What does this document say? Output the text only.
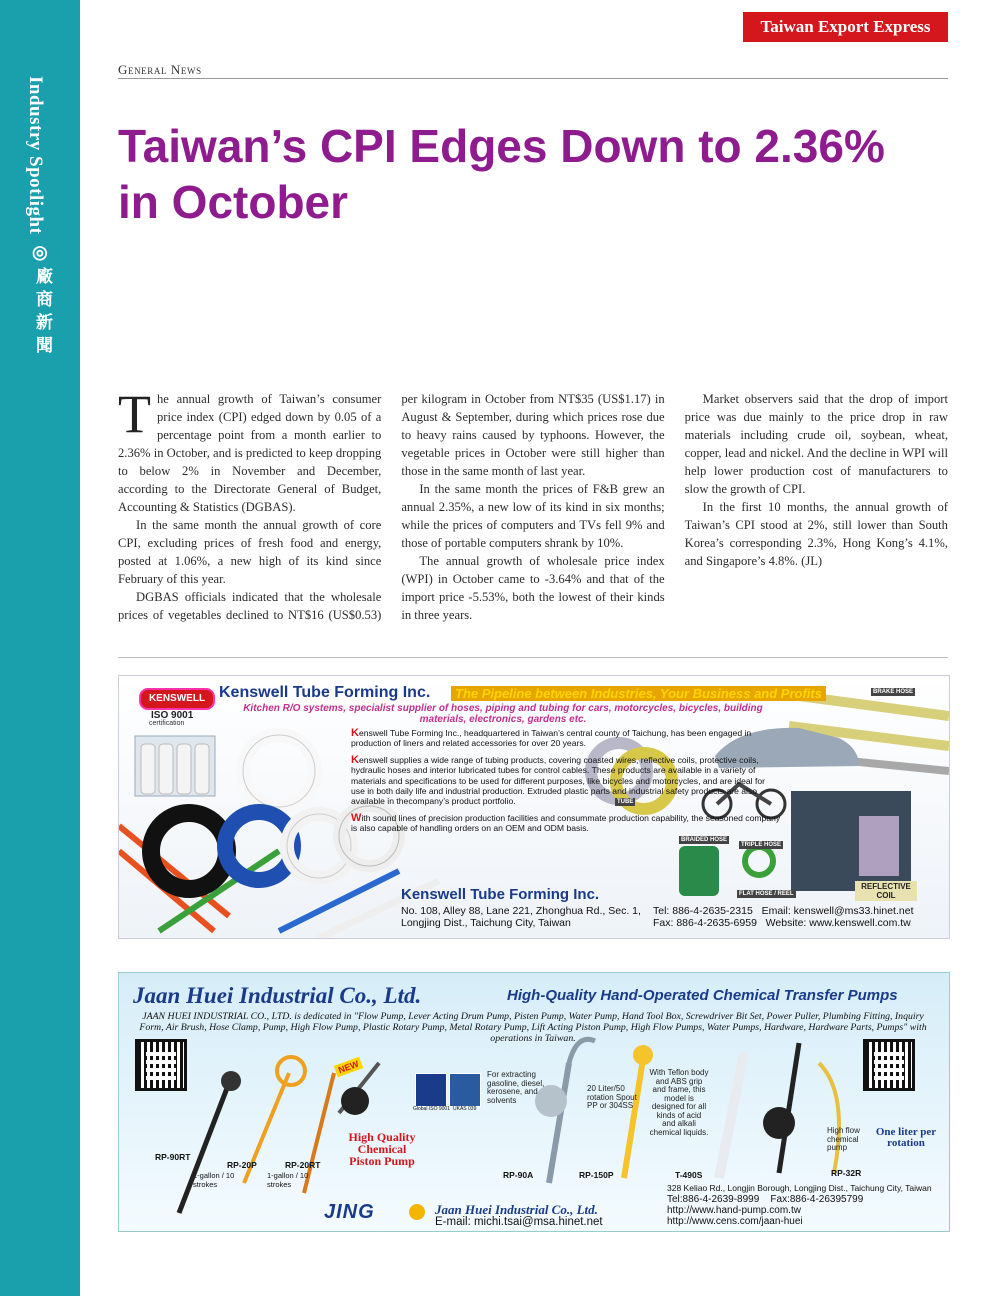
Industry Spotlight
◎
廠商新聞
Taiwan Export Express
General News
Taiwan’s CPI Edges Down to 2.36% in October

The annual growth of Taiwan’s consumer price index (CPI) edged down by 0.05 of a percentage point from a month earlier to 2.36% in October, and is predicted to keep dropping to below 2% in November and December, according to the Directorate General of Budget, Accounting & Statistics (DGBAS).

In the same month the annual growth of core CPI, excluding prices of fresh food and energy, posted at 1.06%, a new high of its kind since February of this year.

DGBAS officials indicated that the wholesale prices of vegetables declined to NT$16 (US$0.53) per kilogram in October from NT$35 (US$1.17) in August & September, during which prices rose due to heavy rains caused by typhoons. However, the vegetable prices in October were still higher than those in the same month of last year.

In the same month the prices of F&B grew an annual 2.35%, a new low of its kind in six months; while the prices of computers and TVs fell 9% and those of portable computers shrank by 10%.

The annual growth of wholesale price index (WPI) in October came to -3.64% and that of the import price -5.53%, both the lowest of their kinds in three years.

Market observers said that the drop of import price was due mainly to the price drop in raw materials including crude oil, soybean, wheat, copper, lead and nickel. And the decline in WPI will help lower production cost of manufacturers to slow the growth of CPI.

In the first 10 months, the annual growth of Taiwan’s CPI stood at 2%, still lower than South Korea’s corresponding 2.3%, Hong Kong’s 4.1%, and Singapore’s 4.8%. (JL)

KENSWELL
ISO 9001
certification
Kenswell Tube Forming Inc.	The Pipeline between Industries, Your Business and Profits
Kitchen R/O systems, specialist supplier of hoses, piping and tubing for cars, motorcycles, bicycles, building materials, electronics, gardens etc.

Kenswell Tube Forming Inc., headquartered in Taiwan’s central county of Taichung, has been engaged in production of liners and related accessories for over 20 years.

Kenswell supplies a wide range of tubing products, covering coasted wires, reflective coils, protective coils, hydraulic hoses and interior lubricated tubes for control cables. These products are available in a variety of materials and specifications to be used for different purposes, like bicycles and motorcycles, and are ideal for use in both daily life and industrial production. Extruded plastic parts and industrial safety products are also available in thecompany’s product portfolio.

With sound lines of precision production facilities and consummate production capability, the seasoned company is also capable of handling orders on an OEM and ODM basis.

BRAKE HOSE
TUBE
BRAIDED HOSE
TRIPLE HOSE
FLAT HOSE / REEL
REFLECTIVE COIL
Kenswell Tube Forming Inc.
No. 108, Alley 88, Lane 221, Zhonghua Rd., Sec. 1, Longjing Dist., Taichung City, Taiwan
Tel: 886-4-2635-2315 Email: kenswell@ms33.hinet.net
Fax: 886-4-2635-6959 Website: www.kenswell.com.tw
Jaan Huei Industrial Co., Ltd.	High-Quality Hand-Operated Chemical Transfer Pumps
JAAN HUEI INDUSTRIAL CO., LTD. is dedicated in "Flow Pump, Lever Acting Drum Pump, Pisten Pump, Water Pump, Hand Tool Box, Screwdriver Bit Set, Power Puller, Plumbing Fitting, Inquiry Form, Air Brush, Hose Clamp, Pump, High Flow Pump, Plastic Rotary Pump, Metal Rotary Pump, Lift Acting Piston Pump, High Flow Pumps, Water Pumps, Hardware, Hardware Parts, Pumps" with operations in Taiwan.
NEW
RP-90RT
RP-20P
1-gallon / 10 strokes
RP-20RT
1-gallon / 10 strokes
High Quality Chemical Piston Pump
Global ISO 9001 UKAS 039
For extracting gasoline, diesel, kerosene, and solvents
RP-90A
20 Liter/50 rotation Spout PP or 304SS
RP-150P
With Teflon body and ABS grip and frame, this model is designed for all kinds of acid and alkali chemical liquids.
T-490S
High flow chemical pump
RP-32R
One liter per rotation
JING	Jaan Huei Industrial Co., Ltd.
E-mail: michi.tsai@msa.hinet.net
328 Keliao Rd., Longjin Borough, Longjing Dist., Taichung City, Taiwan
Tel:886-4-2639-8999 Fax:886-4-26395799
http://www.hand-pump.com.tw
http://www.cens.com/jaan-huei
